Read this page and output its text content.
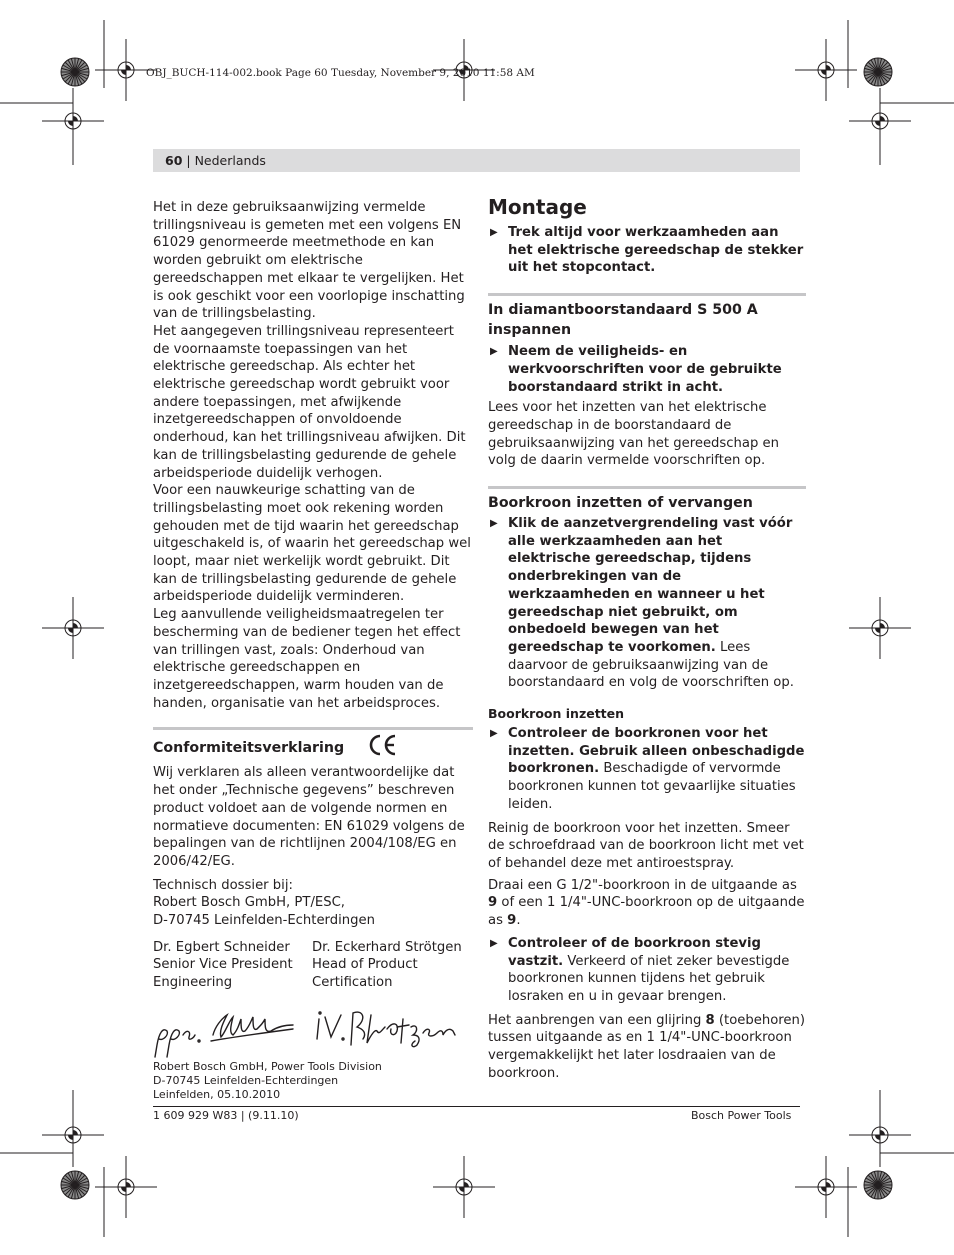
OBJ_BUCH-114-002.book Page 60 Tuesday, November 9, 2010 11:58 AM
60 | Nederlands

Het in deze gebruiksaanwijzing vermelde trillingsniveau is gemeten met een volgens EN 61029 genormeerde meetmethode en kan worden gebruikt om elektrische gereedschappen met elkaar te vergelijken. Het is ook geschikt voor een voorlopige inschatting van de trillingsbelasting.

Het aangegeven trillingsniveau representeert de voornaamste toepassingen van het elektrische gereedschap. Als echter het elektrische gereedschap wordt gebruikt voor andere toepassingen, met afwijkende inzetgereedschappen of onvoldoende onderhoud, kan het trillingsniveau afwijken. Dit kan de trillingsbelasting gedurende de gehele arbeidsperiode duidelijk verhogen.

Voor een nauwkeurige schatting van de trillingsbelasting moet ook rekening worden gehouden met de tijd waarin het gereedschap uitgeschakeld is, of waarin het gereedschap wel loopt, maar niet werkelijk wordt gebruikt. Dit kan de trillingsbelasting gedurende de gehele arbeidsperiode duidelijk verminderen.

Leg aanvullende veiligheidsmaatregelen ter bescherming van de bediener tegen het effect van trillingen vast, zoals: Onderhoud van elektrische gereedschappen en inzetgereedschappen, warm houden van de handen, organisatie van het arbeidsproces.

Conformiteitsverklaring

Wij verklaren als alleen verantwoordelijke dat het onder „Technische gegevens” beschreven product voldoet aan de volgende normen en normatieve documenten: EN 61029 volgens de bepalingen van de richtlijnen 2004/108/EG en 2006/42/EG.

Technisch dossier bij:

Robert Bosch GmbH, PT/ESC,

D-70745 Leinfelden-Echterdingen

Dr. Egbert Schneider

Senior Vice President

Engineering

Dr. Eckerhard Strötgen

Head of Product

Certification

Robert Bosch GmbH, Power Tools Division

D-70745 Leinfelden-Echterdingen

Leinfelden, 05.10.2010

Montage
▶ Trek altijd voor werkzaamheden aan het elektrische gereedschap de stekker uit het stopcontact.
In diamantboorstandaard S 500 A inspannen
▶ Neem de veiligheids- en werkvoorschriften voor de gebruikte boorstandaard strikt in acht.

Lees voor het inzetten van het elektrische gereedschap in de boorstandaard de gebruiksaanwijzing van het gereedschap en volg de daarin vermelde voorschriften op.

Boorkroon inzetten of vervangen
▶ Klik de aanzetvergrendeling vast vóór alle werkzaamheden aan het elektrische gereedschap, tijdens onderbrekingen van de werkzaamheden en wanneer u het gereedschap niet gebruikt, om onbedoeld bewegen van het gereedschap te voorkomen. Lees daarvoor de gebruiksaanwijzing van de boorstandaard en volg de voorschriften op.
Boorkroon inzetten
▶ Controleer de boorkronen voor het inzetten. Gebruik alleen onbeschadigde boorkronen. Beschadigde of vervormde boorkronen kunnen tot gevaarlijke situaties leiden.

Reinig de boorkroon voor het inzetten. Smeer de schroefdraad van de boorkroon licht met vet of behandel deze met antiroestspray.

Draai een G 1/2"-boorkroon in de uitgaande as 9 of een 1 1/4"-UNC-boorkroon op de uitgaande as 9.

▶ Controleer of de boorkroon stevig vastzit. Verkeerd of niet zeker bevestigde boorkronen kunnen tijdens het gebruik losraken en u in gevaar brengen.

Het aanbrengen van een glijring 8 (toebehoren) tussen uitgaande as en 1 1/4"-UNC-boorkroon vergemakkelijkt het later losdraaien van de boorkroon.

1 609 929 W83 | (9.11.10)	Bosch Power Tools
